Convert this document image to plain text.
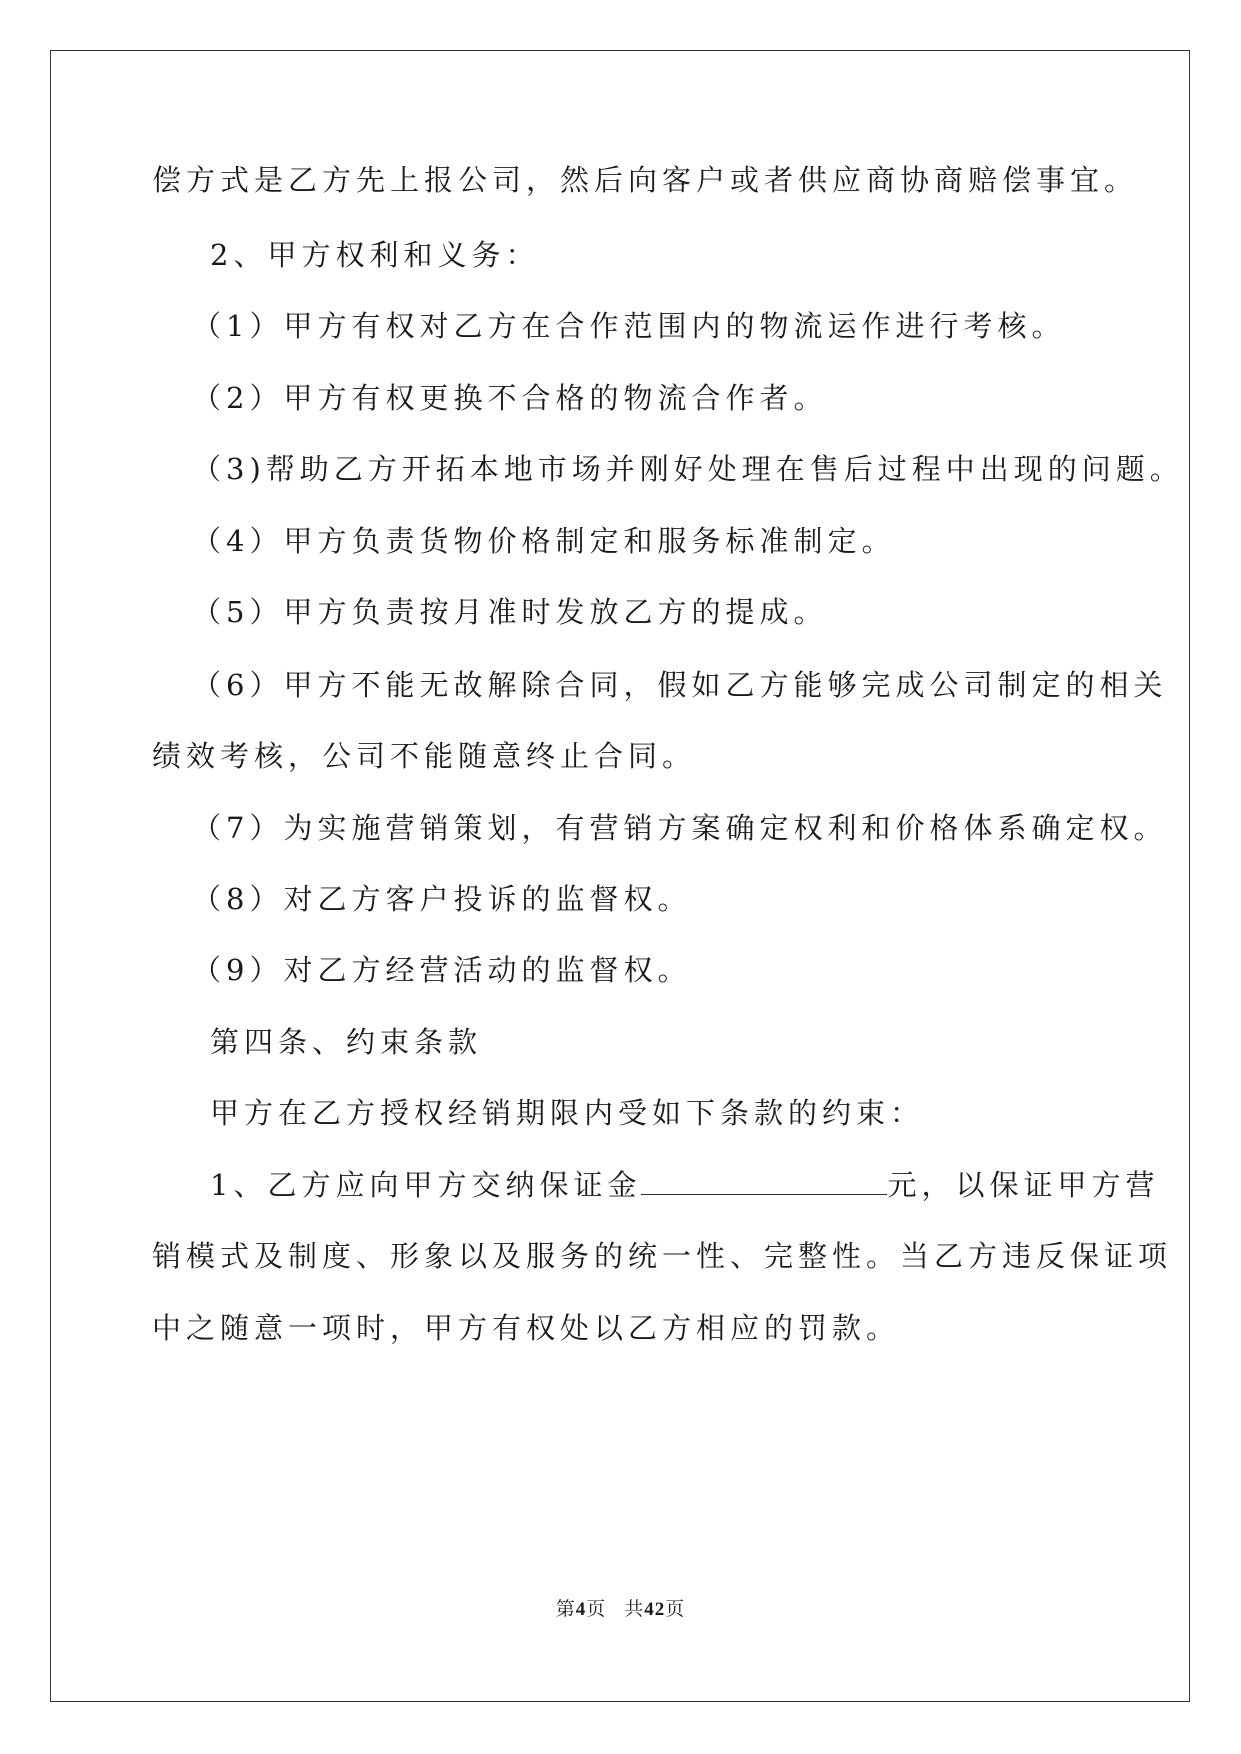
偿方式是乙方先上报公司，然后向客户或者供应商协商赔偿事宜。
2、甲方权利和义务：
（1）甲方有权对乙方在合作范围内的物流运作进行考核。
（2）甲方有权更换不合格的物流合作者。
（3)帮助乙方开拓本地市场并刚好处理在售后过程中出现的问题。
（4）甲方负责货物价格制定和服务标准制定。
（5）甲方负责按月准时发放乙方的提成。
（6）甲方不能无故解除合同，假如乙方能够完成公司制定的相关
绩效考核，公司不能随意终止合同。
（7）为实施营销策划，有营销方案确定权利和价格体系确定权。
（8）对乙方客户投诉的监督权。
（9）对乙方经营活动的监督权。
第四条、约束条款
甲方在乙方授权经销期限内受如下条款的约束：
1、乙方应向甲方交纳保证金	元，以保证甲方营
销模式及制度、形象以及服务的统一性、完整性。当乙方违反保证项
中之随意一项时，甲方有权处以乙方相应的罚款。
第4页 共42页
